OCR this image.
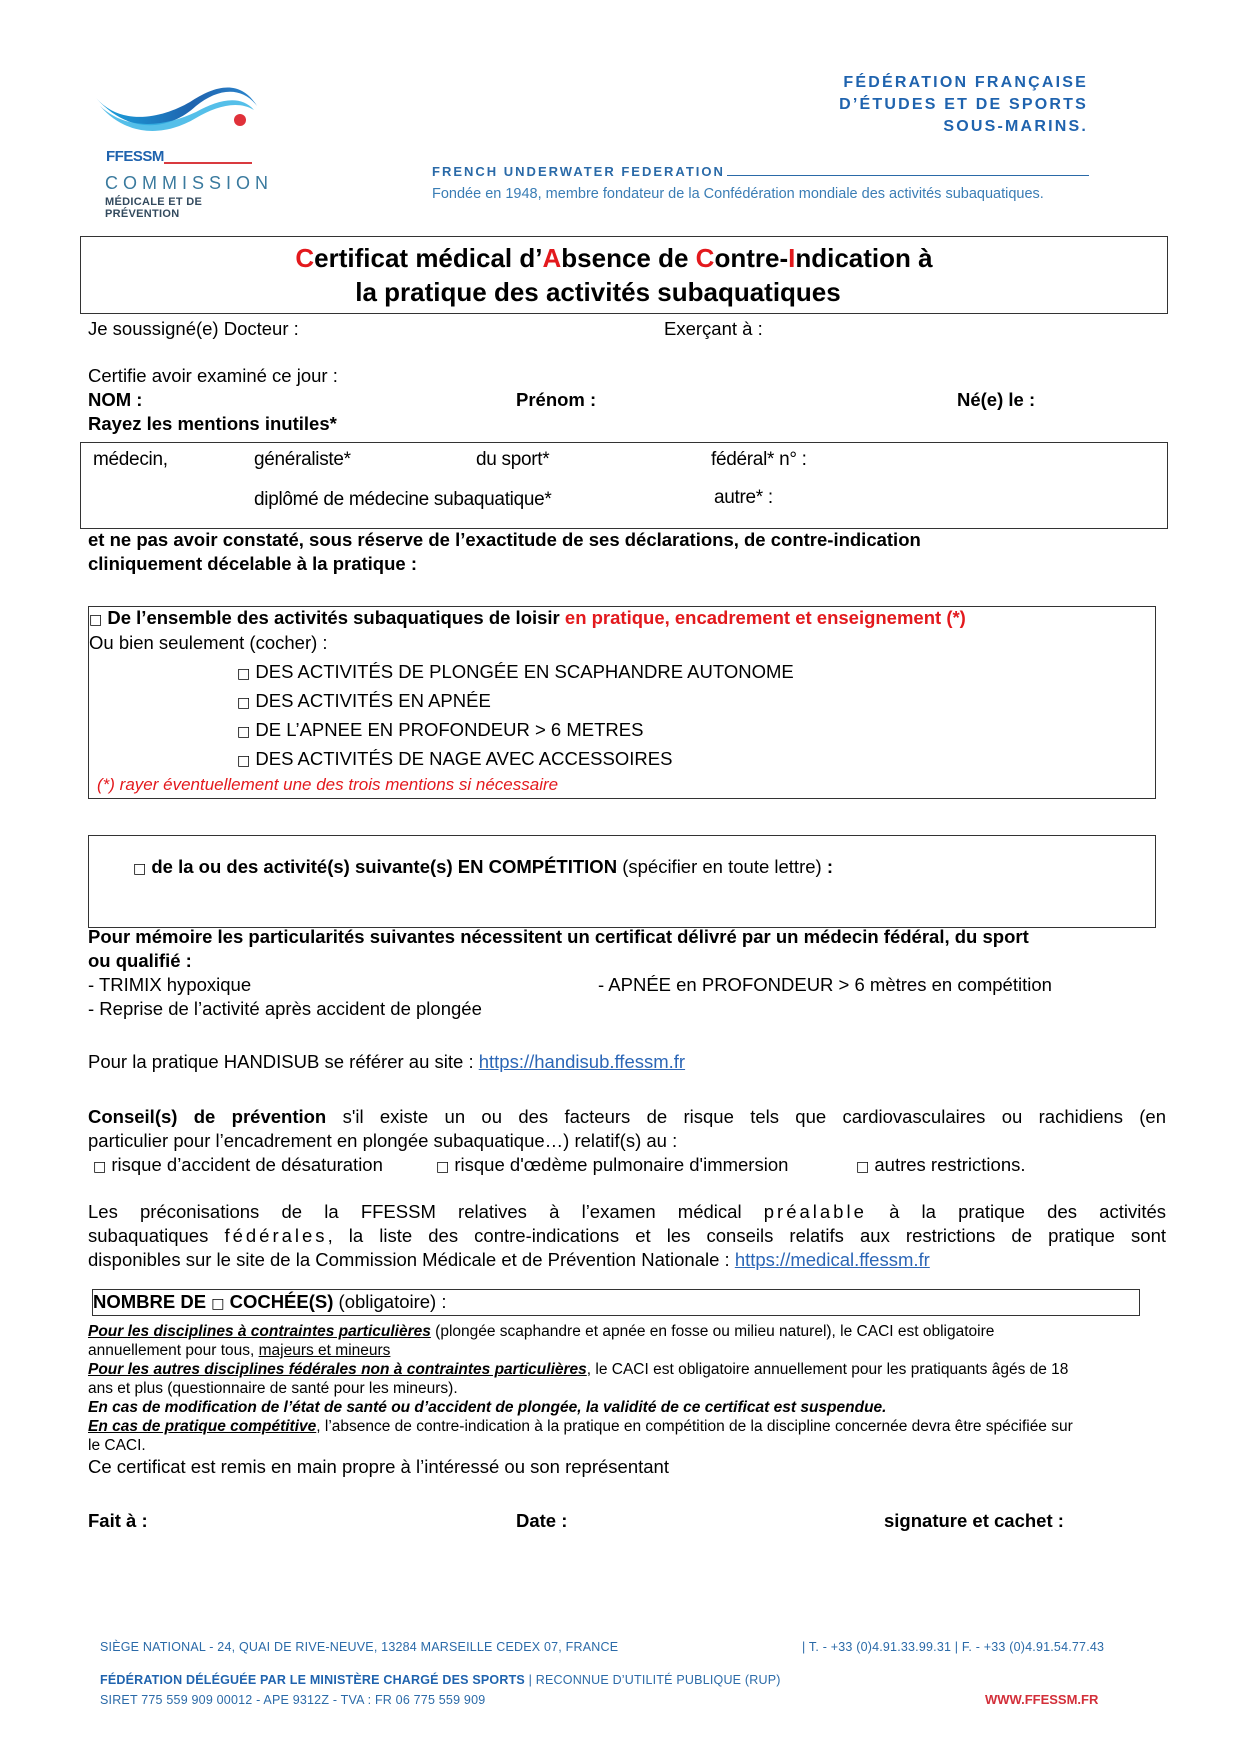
FFESSM
COMMISSION
MÉDICALE ET DE PRÉVENTION
FÉDÉRATION FRANÇAISE
D’ÉTUDES ET DE SPORTS
SOUS-MARINS.
FRENCH UNDERWATER FEDERATION
Fondée en 1948, membre fondateur de la Confédération mondiale des activités subaquatiques.
Certificat médical d’Absence de Contre-Indication à
la pratique des activités subaquatiques
Je soussigné(e) Docteur :	Exerçant à :
Certifie avoir examiné ce jour :
NOM :	Prénom :	Né(e) le :
Rayez les mentions inutiles*
médecin,	généraliste*	du sport*	fédéral* n° :
diplômé de médecine subaquatique*	autre* :
et ne pas avoir constaté, sous réserve de l’exactitude de ses déclarations, de contre-indication
cliniquement décelable à la pratique :
□ De l’ensemble des activités subaquatiques de loisir en pratique, encadrement et enseignement (*)
Ou bien seulement (cocher) :
□ DES ACTIVITÉS DE PLONGÉE EN SCAPHANDRE AUTONOME
□ DES ACTIVITÉS EN APNÉE
□ DE L’APNEE EN PROFONDEUR > 6 METRES
□ DES ACTIVITÉS DE NAGE AVEC ACCESSOIRES
(*) rayer éventuellement une des trois mentions si nécessaire
□ de la ou des activité(s) suivante(s) EN COMPÉTITION (spécifier en toute lettre) :
Pour mémoire les particularités suivantes nécessitent un certificat délivré par un médecin fédéral, du sport
ou qualifié :
- TRIMIX hypoxique	- APNÉE en PROFONDEUR > 6 mètres en compétition
- Reprise de l’activité après accident de plongée
Pour la pratique HANDISUB se référer au site : https://handisub.ffessm.fr
Conseil(s) de prévention s'il existe un ou des facteurs de risque tels que cardiovasculaires ou rachidiens (en
particulier pour l’encadrement en plongée subaquatique…) relatif(s) au :
□ risque d’accident de désaturation	□ risque d'œdème pulmonaire d'immersion	□ autres restrictions.
Les préconisations de la FFESSM relatives à l’examen médical préalable à la pratique des activités
subaquatiques fédérales, la liste des contre-indications et les conseils relatifs aux restrictions de pratique sont
disponibles sur le site de la Commission Médicale et de Prévention Nationale : https://medical.ffessm.fr
NOMBRE DE □ COCHÉE(S) (obligatoire) :
Pour les disciplines à contraintes particulières (plongée scaphandre et apnée en fosse ou milieu naturel), le CACI est obligatoire
annuellement pour tous, majeurs et mineurs
Pour les autres disciplines fédérales non à contraintes particulières, le CACI est obligatoire annuellement pour les pratiquants âgés de 18
ans et plus (questionnaire de santé pour les mineurs).
En cas de modification de l’état de santé ou d’accident de plongée, la validité de ce certificat est suspendue.
En cas de pratique compétitive, l’absence de contre-indication à la pratique en compétition de la discipline concernée devra être spécifiée sur
le CACI.
Ce certificat est remis en main propre à l’intéressé ou son représentant
Fait à :	Date :	signature et cachet :
SIÈGE NATIONAL - 24, QUAI DE RIVE-NEUVE, 13284 MARSEILLE CEDEX 07, FRANCE	| T. - +33 (0)4.91.33.99.31 | F. - +33 (0)4.91.54.77.43
FÉDÉRATION DÉLÉGUÉE PAR LE MINISTÈRE CHARGÉ DES SPORTS | RECONNUE D’UTILITÉ PUBLIQUE (RUP)
SIRET 775 559 909 00012 - APE 9312Z - TVA : FR 06 775 559 909	WWW.FFESSM.FR
